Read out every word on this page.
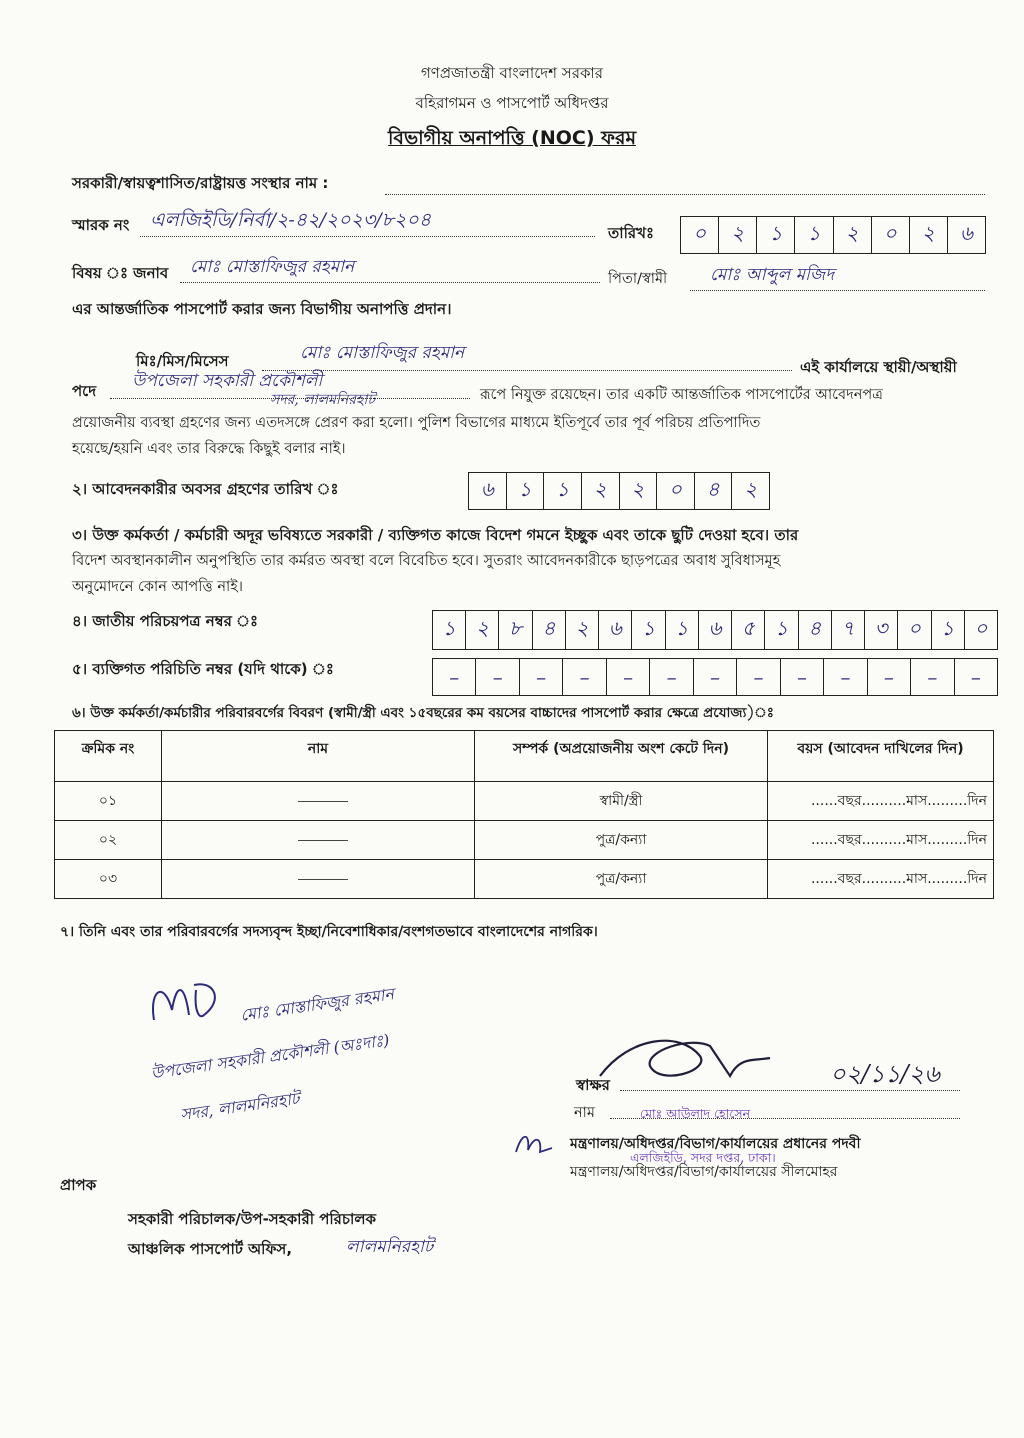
গণপ্রজাতন্ত্রী বাংলাদেশ সরকার
বহিরাগমন ও পাসপোর্ট অধিদপ্তর
বিভাগীয় অনাপত্তি (NOC) ফরম
সরকারী/স্বায়ত্বশাসিত/রাষ্ট্রায়ত্ত সংস্থার নাম :
স্মারক নং এলজিইডি/নির্বা/২-৪২/২০২৩/৮২০৪
তারিখঃ	০	২	১	১	২	০	২	৬
বিষয় ঃ জনাব মোঃ মোস্তাফিজুর রহমান
পিতা/স্বামী	মোঃ আব্দুল মজিদ
এর আন্তর্জাতিক পাসপোর্ট করার জন্য বিভাগীয় অনাপত্তি প্রদান।
মিঃ/মিস/মিসেস	মোঃ মোস্তাফিজুর রহমান
এই কার্যালয়ে স্থায়ী/অস্থায়ী
পদে উপজেলা সহকারী প্রকৌশলী
সদর, লালমনিরহাট	রূপে নিযুক্ত রয়েছেন। তার একটি আন্তর্জাতিক পাসপোর্টের আবেদনপত্র
প্রয়োজনীয় ব্যবস্থা গ্রহণের জন্য এতদসঙ্গে প্রেরণ করা হলো। পুলিশ বিভাগের মাধ্যমে ইতিপূর্বে তার পূর্ব পরিচয় প্রতিপাদিত
হয়েছে/হয়নি এবং তার বিরুদ্ধে কিছুই বলার নাই।
২। আবেদনকারীর অবসর গ্রহণের তারিখ ঃ	৬	১	১	২	২	০	৪	২
৩। উক্ত কর্মকর্তা / কর্মচারী অদূর ভবিষ্যতে সরকারী / ব্যক্তিগত কাজে বিদেশ গমনে ইচ্ছুক এবং তাকে ছুটি দেওয়া হবে। তার
বিদেশ অবস্থানকালীন অনুপস্থিতি তার কর্মরত অবস্থা বলে বিবেচিত হবে। সুতরাং আবেদনকারীকে ছাড়পত্রের অবাধ সুবিধাসমূহ
অনুমোদনে কোন আপত্তি নাই।
৪। জাতীয় পরিচয়পত্র নম্বর ঃ	১	২	৮	৪	২	৬	১	১	৬	৫	১	৪	৭	৩	০	১	০
৫। ব্যক্তিগত পরিচিতি নম্বর (যদি থাকে) ঃ	–	–	–	–	–	–	–	–	–	–	–	–	–
৬। উক্ত কর্মকর্তা/কর্মচারীর পরিবারবর্গের বিবরণ (স্বামী/স্ত্রী এবং ১৫বছরের কম বয়সের বাচ্চাদের পাসপোর্ট করার ক্ষেত্রে প্রযোজ্য)ঃ
ক্রমিক নং	নাম	সম্পর্ক (অপ্রয়োজনীয় অংশ কেটে দিন)	বয়স (আবেদন দাখিলের দিন)
০১		স্বামী/স্ত্রী	......বছর..........মাস.........দিন
০২		পুত্র/কন্যা	......বছর..........মাস.........দিন
০৩		পুত্র/কন্যা	......বছর..........মাস.........দিন
৭। তিনি এবং তার পরিবারবর্গের সদস্যবৃন্দ ইচ্ছা/নিবেশাধিকার/বংশগতভাবে বাংলাদেশের নাগরিক।
মোঃ মোস্তাফিজুর রহমান
উপজেলা সহকারী প্রকৌশলী (অঃদাঃ)
সদর, লালমনিরহাট
০২/১১/২৬
স্বাক্ষর
নাম	মোঃ আউলাদ হোসেন
মন্ত্রণালয়/অধিদপ্তর/বিভাগ/কার্যালয়ের প্রধানের পদবী
এলজিইডি, সদর দপ্তর, ঢাকা।
মন্ত্রণালয়/অধিদপ্তর/বিভাগ/কার্যালয়ের সীলমোহর
প্রাপক
সহকারী পরিচালক/উপ-সহকারী পরিচালক
আঞ্চলিক পাসপোর্ট অফিস,	লালমনিরহাট
